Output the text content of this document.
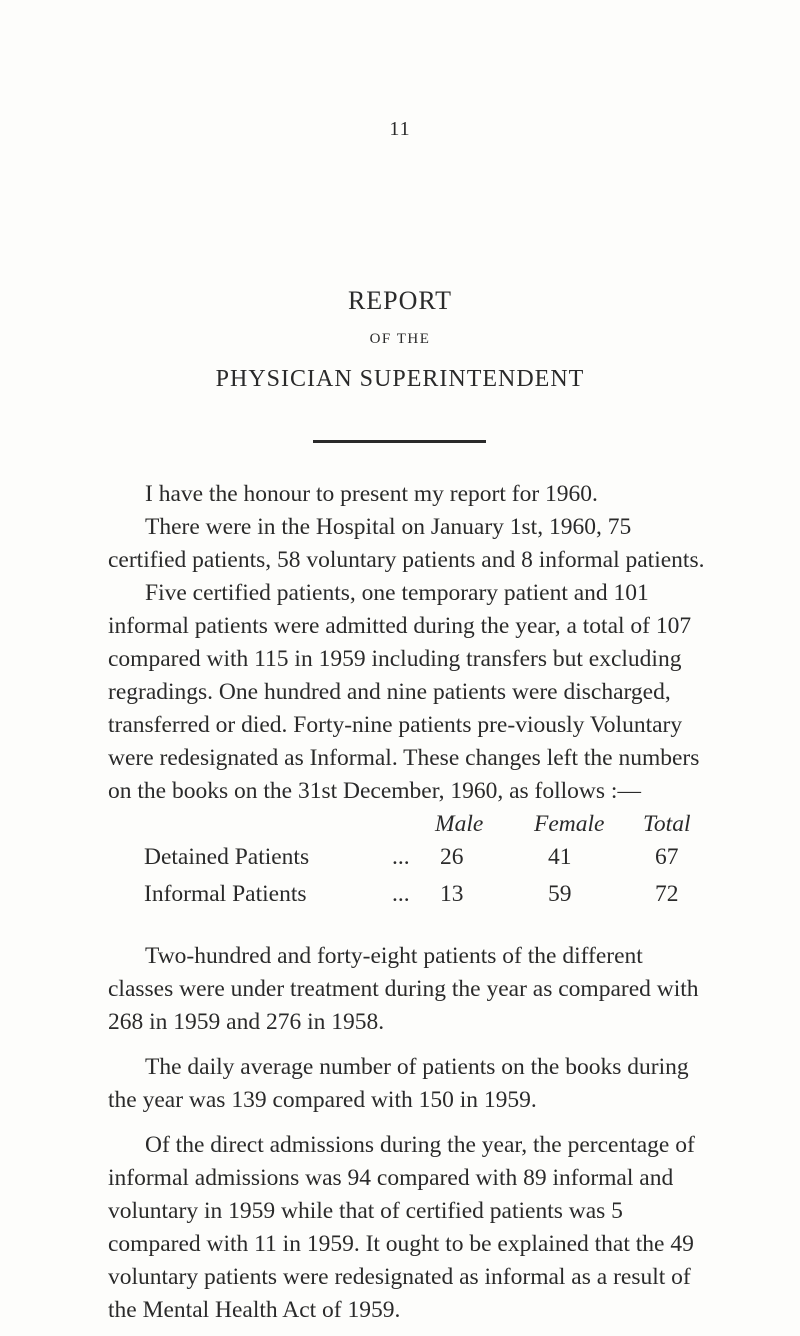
11
REPORT
OF THE
PHYSICIAN SUPERINTENDENT

I have the honour to present my report for 1960.

There were in the Hospital on January 1st, 1960, 75 certified patients, 58 voluntary patients and 8 informal patients.

Five certified patients, one temporary patient and 101 informal patients were admitted during the year, a total of 107 compared with 115 in 1959 including transfers but excluding regradings. One hundred and nine patients were discharged, transferred or died. Forty-nine patients pre-viously Voluntary were redesignated as Informal. These changes left the numbers on the books on the 31st December, 1960, as follows :—

Male Female Total
Detained Patients	... 26	41	67
Informal Patients	... 13	59	72

Two-hundred and forty-eight patients of the different classes were under treatment during the year as compared with 268 in 1959 and 276 in 1958.

The daily average number of patients on the books during the year was 139 compared with 150 in 1959.

Of the direct admissions during the year, the percentage of informal admissions was 94 compared with 89 informal and voluntary in 1959 while that of certified patients was 5 compared with 11 in 1959. It ought to be explained that the 49 voluntary patients were redesignated as informal as a result of the Mental Health Act of 1959.
